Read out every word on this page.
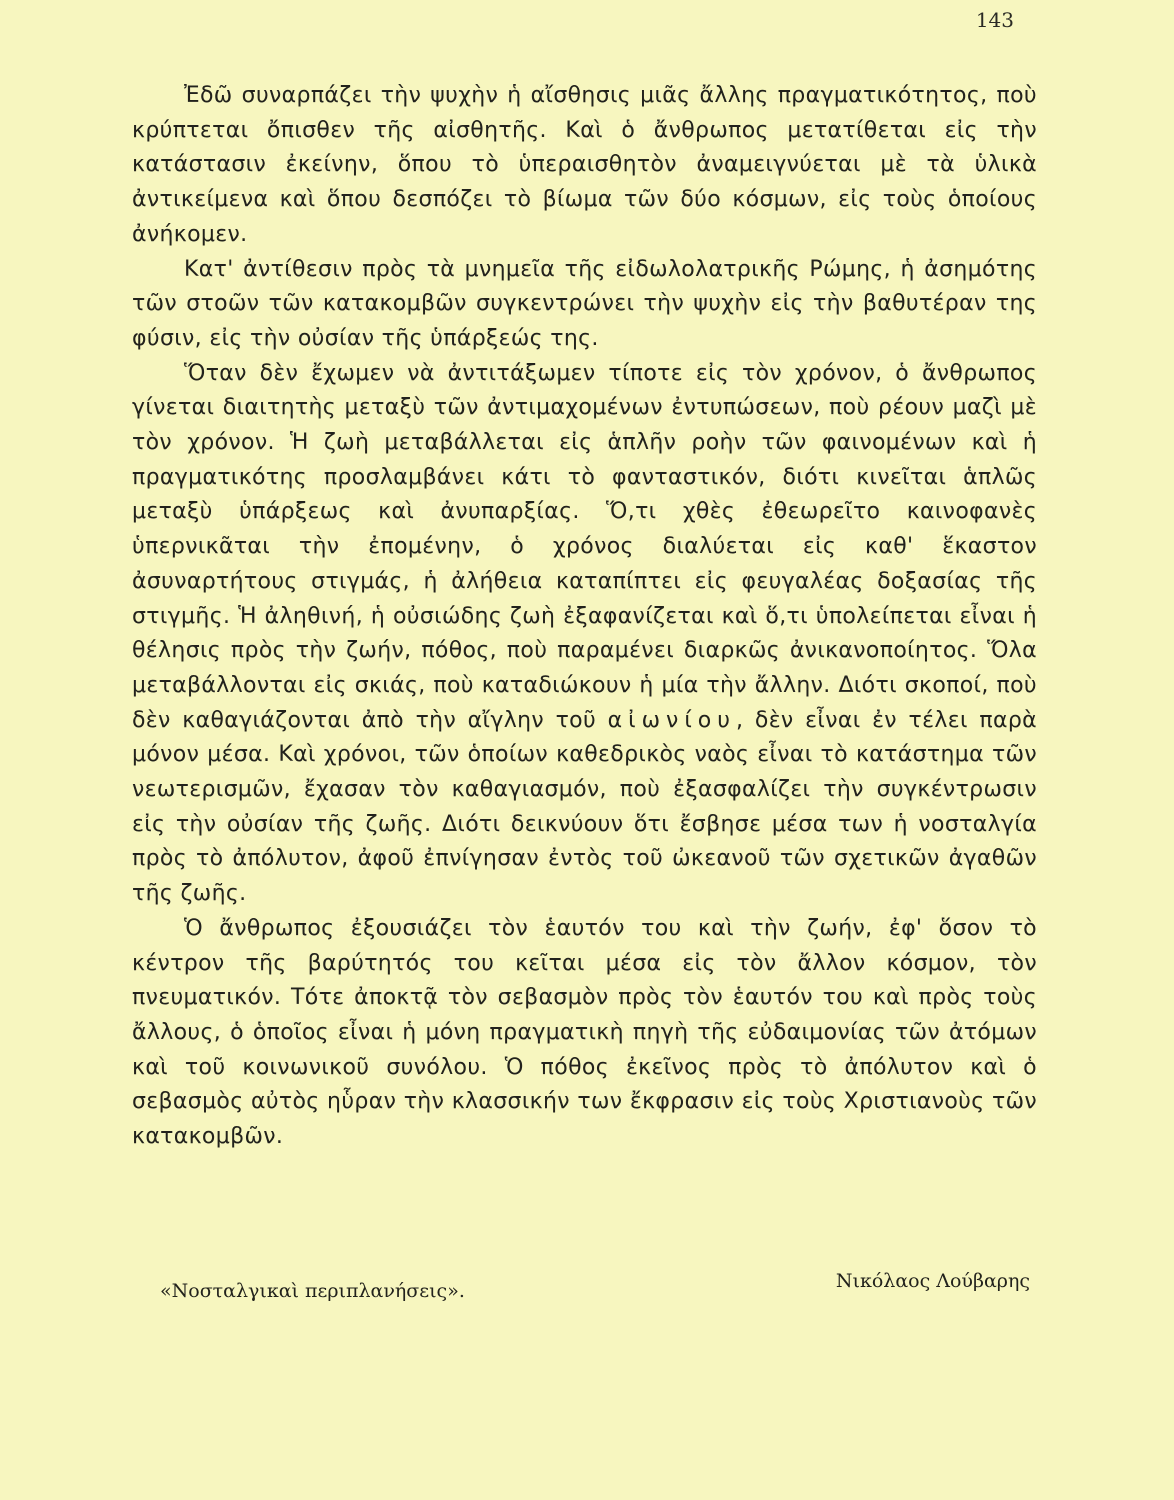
143

Ἐδῶ συναρπάζει τὴν ψυχὴν ἡ αἴσθησις μιᾶς ἄλλης πραγματικότητος, ποὺ κρύπτεται ὄπισθεν τῆς αἰσθητῆς. Καὶ ὁ ἄνθρωπος μετατίθεται εἰς τὴν κατάστασιν ἐκείνην, ὅπου τὸ ὑπεραισθητὸν ἀναμειγνύεται μὲ τὰ ὑλικὰ ἀντικείμενα καὶ ὅπου δεσπόζει τὸ βίωμα τῶν δύο κόσμων, εἰς τοὺς ὁποίους ἀνήκομεν.

Κατ' ἀντίθεσιν πρὸς τὰ μνημεῖα τῆς εἰδωλολατρικῆς Ρώμης, ἡ ἀσημότης τῶν στοῶν τῶν κατακομβῶν συγκεντρώνει τὴν ψυχὴν εἰς τὴν βαθυτέραν της φύσιν, εἰς τὴν οὐσίαν τῆς ὑπάρξεώς της.

Ὅταν δὲν ἔχωμεν νὰ ἀντιτάξωμεν τίποτε εἰς τὸν χρόνον, ὁ ἄνθρωπος γίνεται διαιτητὴς μεταξὺ τῶν ἀντιμαχομένων ἐντυπώσεων, ποὺ ρέουν μαζὶ μὲ τὸν χρόνον. Ἡ ζωὴ μεταβάλλεται εἰς ἁπλῆν ροὴν τῶν φαινομένων καὶ ἡ πραγματικότης προσλαμβάνει κάτι τὸ φανταστικόν, διότι κινεῖται ἁπλῶς μεταξὺ ὑπάρξεως καὶ ἀνυπαρξίας. Ὅ,τι χθὲς ἐθεωρεῖτο καινοφανὲς ὑπερνικᾶται τὴν ἐπομένην, ὁ χρόνος διαλύεται εἰς καθ' ἕκαστον ἀσυναρτήτους στιγμάς, ἡ ἀλήθεια καταπίπτει εἰς φευγαλέας δοξασίας τῆς στιγμῆς. Ἡ ἀληθινή, ἡ οὐσιώδης ζωὴ ἐξαφανίζεται καὶ ὅ,τι ὑπολείπεται εἶναι ἡ θέλησις πρὸς τὴν ζωήν, πόθος, ποὺ παραμένει διαρκῶς ἀνικανοποίητος. Ὅλα μεταβάλλονται εἰς σκιάς, ποὺ καταδιώκουν ἡ μία τὴν ἄλλην. Διότι σκοποί, ποὺ δὲν καθαγιάζονται ἀπὸ τὴν αἴγλην τοῦ αἰωνίου, δὲν εἶναι ἐν τέλει παρὰ μόνον μέσα. Καὶ χρόνοι, τῶν ὁποίων καθεδρικὸς ναὸς εἶναι τὸ κατάστημα τῶν νεωτερισμῶν, ἔχασαν τὸν καθαγιασμόν, ποὺ ἐξασφαλίζει τὴν συγκέντρωσιν εἰς τὴν οὐσίαν τῆς ζωῆς. Διότι δεικνύουν ὅτι ἔσβησε μέσα των ἡ νοσταλγία πρὸς τὸ ἀπόλυτον, ἀφοῦ ἐπνίγησαν ἐντὸς τοῦ ὠκεανοῦ τῶν σχετικῶν ἀγαθῶν τῆς ζωῆς.

Ὁ ἄνθρωπος ἐξουσιάζει τὸν ἑαυτόν του καὶ τὴν ζωήν, ἐφ' ὅσον τὸ κέντρον τῆς βαρύτητός του κεῖται μέσα εἰς τὸν ἄλλον κόσμον, τὸν πνευματικόν. Τότε ἀποκτᾷ τὸν σεβασμὸν πρὸς τὸν ἑαυτόν του καὶ πρὸς τοὺς ἄλλους, ὁ ὁποῖος εἶναι ἡ μόνη πραγματικὴ πηγὴ τῆς εὐδαιμονίας τῶν ἀτόμων καὶ τοῦ κοινωνικοῦ συνόλου. Ὁ πόθος ἐκεῖνος πρὸς τὸ ἀπόλυτον καὶ ὁ σεβασμὸς αὐτὸς ηὗραν τὴν κλασσικήν των ἔκφρασιν εἰς τοὺς Χριστιανοὺς τῶν κατακομβῶν.

«Νοσταλγικαὶ περιπλανήσεις».	Νικόλαος Λούβαρης
